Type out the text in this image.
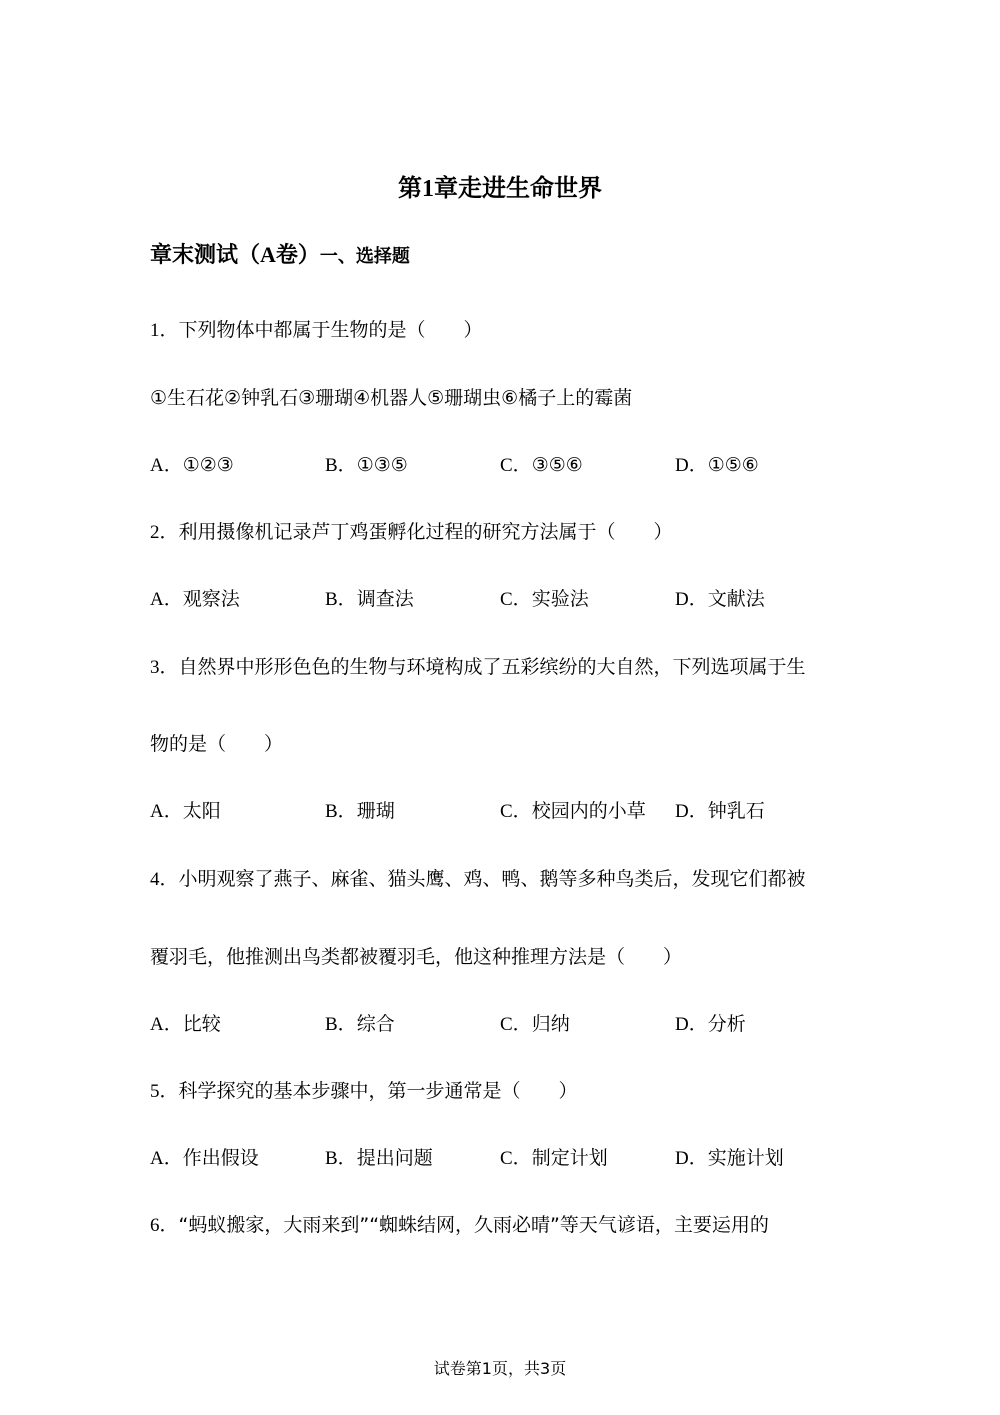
第1章走进生命世界
章末测试（A卷）一、选择题
1．下列物体中都属于生物的是（　　）
①生石花②钟乳石③珊瑚④机器人⑤珊瑚虫⑥橘子上的霉菌
A．①②③	B．①③⑤	C．③⑤⑥	D．①⑤⑥
2．利用摄像机记录芦丁鸡蛋孵化过程的研究方法属于（　　）
A．观察法	B．调查法	C．实验法	D．文献法
3．自然界中形形色色的生物与环境构成了五彩缤纷的大自然，下列选项属于生
物的是（　　）
A．太阳	B．珊瑚	C．校园内的小草 D．钟乳石
4．小明观察了燕子、麻雀、猫头鹰、鸡、鸭、鹅等多种鸟类后，发现它们都被
覆羽毛，他推测出鸟类都被覆羽毛，他这种推理方法是（　　）
A．比较	B．综合	C．归纳	D．分析
5．科学探究的基本步骤中，第一步通常是（　　）
A．作出假设	B．提出问题	C．制定计划	D．实施计划
6．“蚂蚁搬家，大雨来到”“蜘蛛结网，久雨必晴”等天气谚语，主要运用的
试卷第1页，共3页
